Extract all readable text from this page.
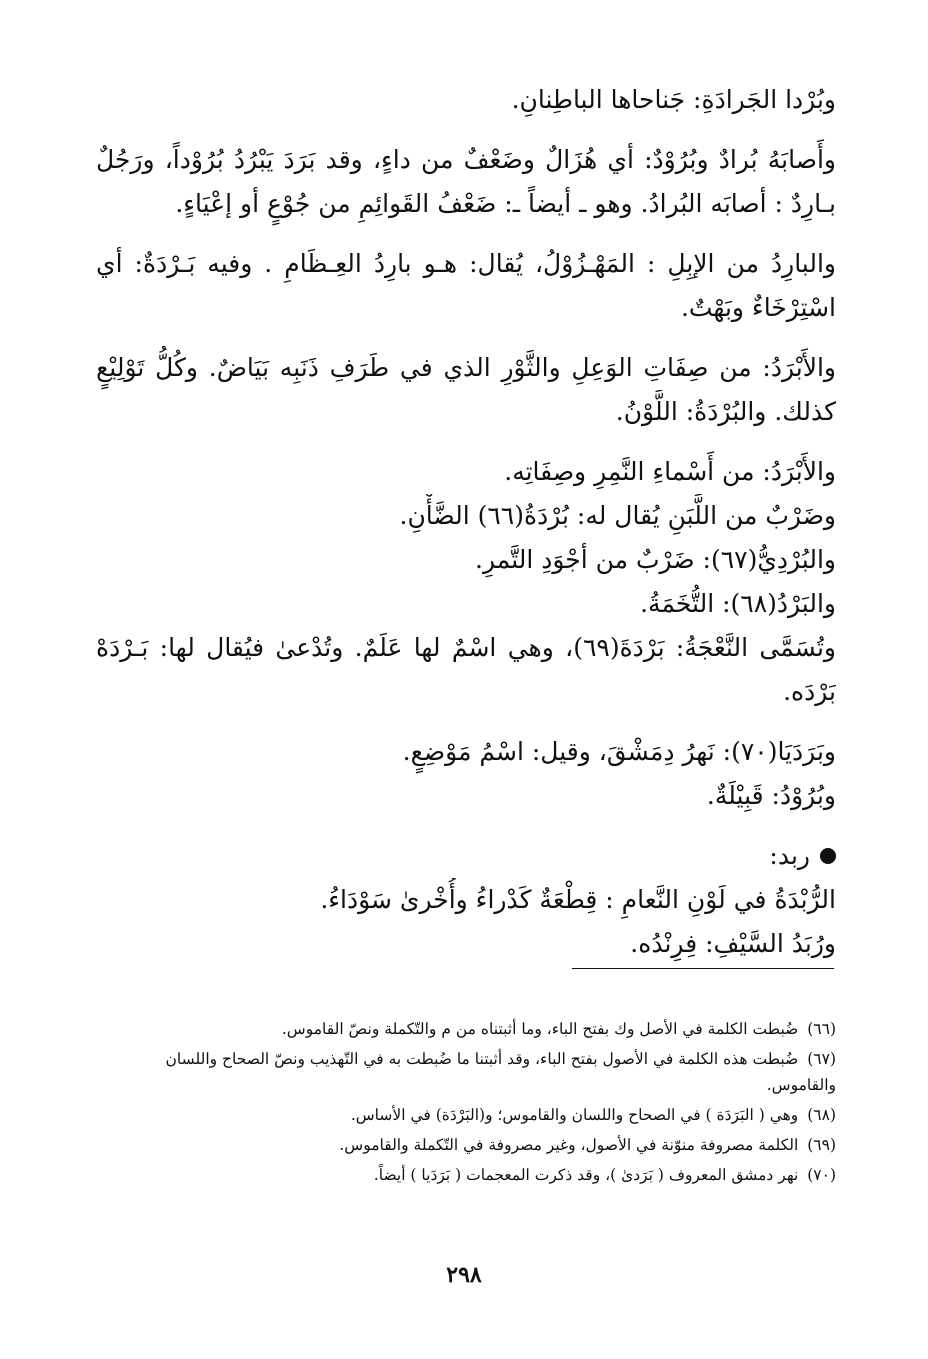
وبُرْدا الجَرادَةِ: جَناحاها الباطِنانِ.
وأَصابَهُ بُرادٌ وبُرُوْدٌ: أي هُزَالٌ وضَعْفٌ من داءٍ، وقد بَرَدَ يَبْرُدُ بُرُوْداً، ورَجُلٌ
بـارِدٌ : أصابَه البُرادُ. وهو ـ أيضاً ـ: ضَعْفُ القَوائِمِ من جُوْعٍ أو إعْيَاءٍ.
والبارِدُ من الإبِلِ : المَهْـزُوْلُ، يُقال: هـو بارِدُ العِـظَامِ . وفيه بَـرْدَةٌ: أي
اسْتِرْخَاءٌ وبَهْتٌ.
والأَبْرَدُ: من صِفَاتِ الوَعِلِ والثَّوْرِ الذي في طَرَفِ ذَنَبِه بَيَاضٌ. وكُلُّ تَوْلِيْعٍ
كذلك. والبُرْدَةُ: اللَّوْنُ.
والأَبْرَدُ: من أَسْماءِ النَّمِرِ وصِفَاتِه.
وضَرْبٌ من اللَّبَنِ يُقال له: بُرْدَةُ(٦٦) الضَّأْنِ.
والبُرْدِيُّ(٦٧): ضَرْبٌ من أجْوَدِ التَّمرِ.
والبَرْدُ(٦٨): التُّخَمَةُ.
وتُسَمَّى النَّعْجَةُ: بَرْدَةَ(٦٩)، وهي اسْمٌ لها عَلَمٌ. وتُدْعىٰ فيُقال لها: بَـرْدَهْ
بَرْدَه.
وبَرَدَيَا(٧٠): نَهرُ دِمَشْقَ، وقيل: اسْمُ مَوْضِعٍ.
وبُرُوْدُ: قَبِيْلَةٌ.
ربد:
الرُّبْدَةُ في لَوْنِ النَّعامِ : قِطْعَةٌ كَدْراءُ وأُخْرىٰ سَوْدَاءُ.
ورُبَدُ السَّيْفِ: فِرِنْدُه.
(٦٦) ضُبطت الكلمة في الأصل وك بفتح الباء، وما أثبتناه من م والتّكملة ونصّ القاموس.
(٦٧) ضُبطت هذه الكلمة في الأصول بفتح الباء، وقد أثبتنا ما ضُبطت به في التّهذيب ونصّ الصحاح واللسان والقاموس.
(٦٨) وهي ( البَرَدَة ) في الصحاح واللسان والقاموس؛ و(البَرْدَة) في الأساس.
(٦٩) الكلمة مصروفة منوّنة في الأصول، وغير مصروفة في التّكملة والقاموس.
(٧٠) نهر دمشق المعروف ( بَرَدىٰ )، وقد ذكرت المعجمات ( بَرَدَيا ) أيضاً.
٢٩٨
